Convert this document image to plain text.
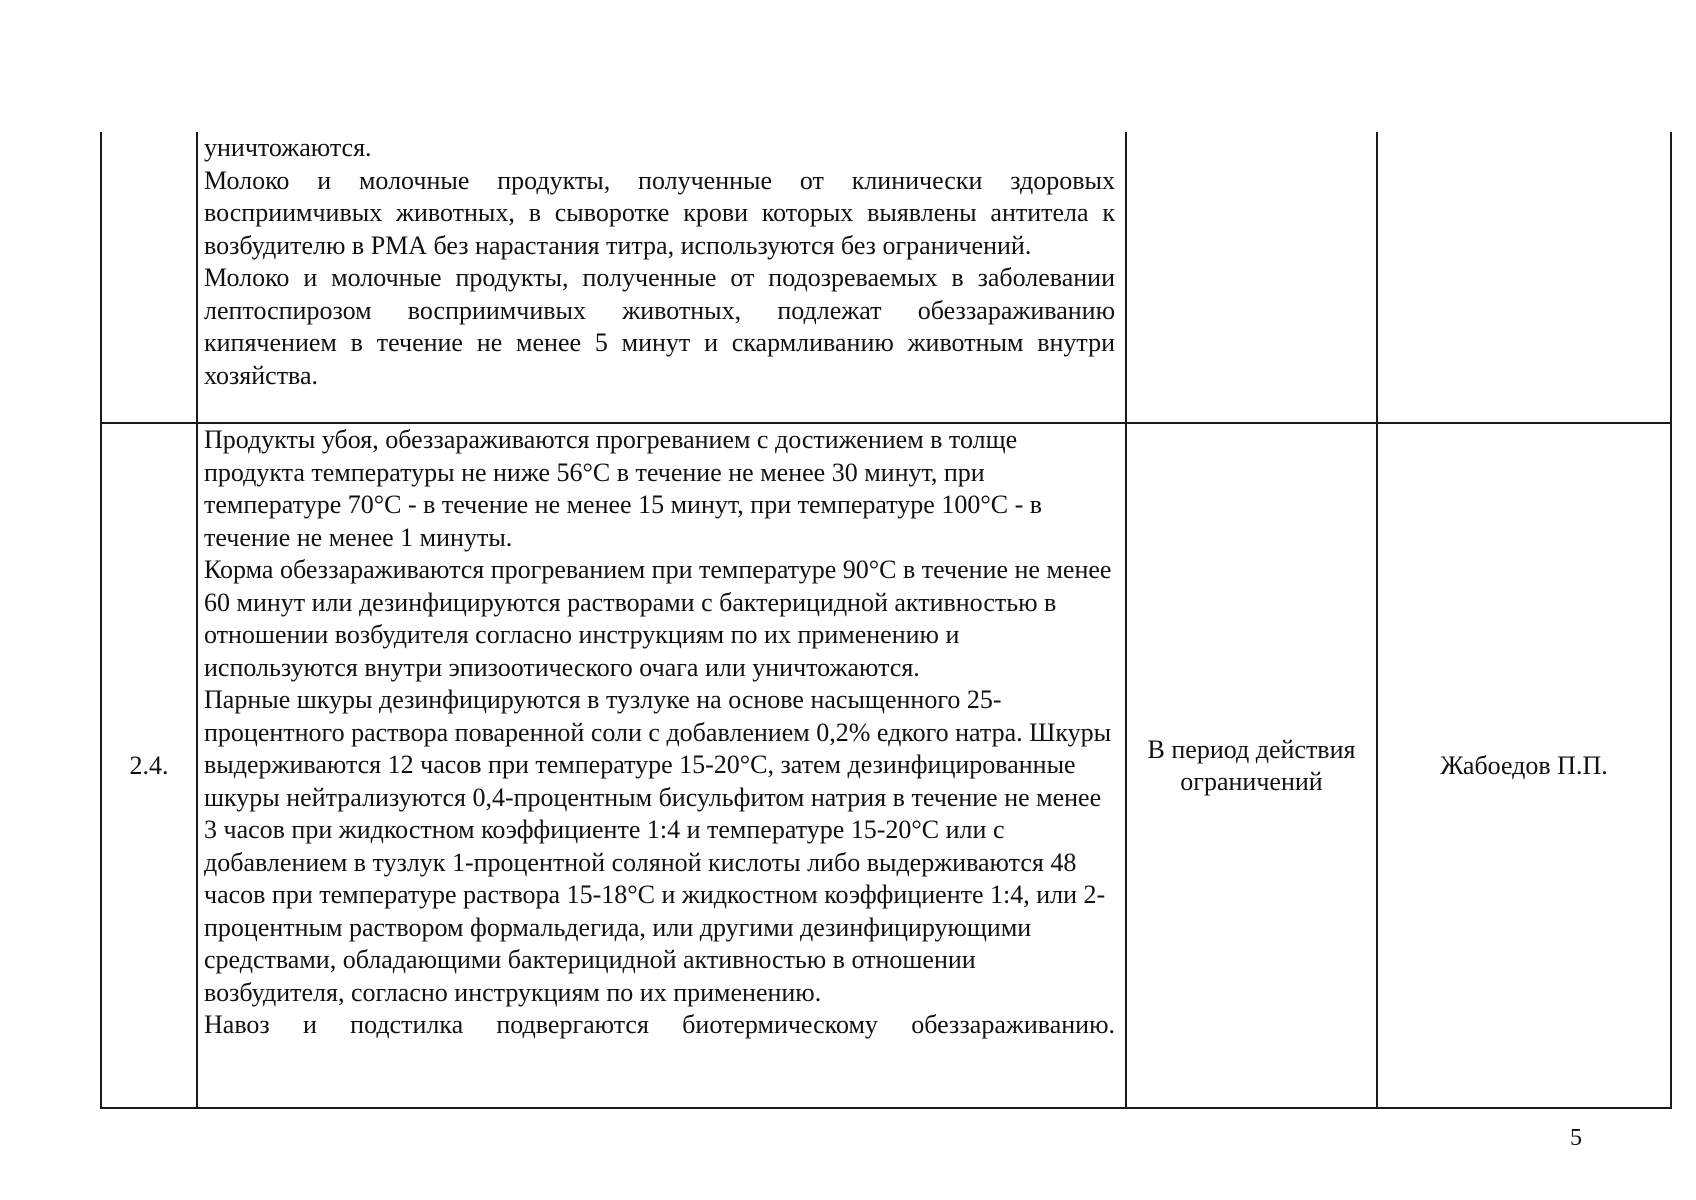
	уничтожаются.

Молоко и молочные продукты, полученные от клинически здоровых восприимчивых животных, в сыворотке крови которых выявлены антитела к возбудителю в РМА без нарастания титра, используются без ограничений.

Молоко и молочные продукты, полученные от подозреваемых в заболевании лептоспирозом восприимчивых животных, подлежат обеззараживанию кипячением в течение не менее 5 минут и скармливанию животным внутри хозяйства.		

2.4.	Продукты убоя, обеззараживаются прогреванием с достижением в толще продукта температуры не ниже 56°С в течение не менее 30 минут, при температуре 70°С - в течение не менее 15 минут, при температуре 100°С - в течение не менее 1 минуты.

Корма обеззараживаются прогреванием при температуре 90°С в течение не менее 60 минут или дезинфицируются растворами с бактерицидной активностью в отношении возбудителя согласно инструкциям по их применению и используются внутри эпизоотического очага или уничтожаются.

Парные шкуры дезинфицируются в тузлуке на основе насыщенного 25-процентного раствора поваренной соли с добавлением 0,2% едкого натра. Шкуры выдерживаются 12 часов при температуре 15-20°С, затем дезинфицированные шкуры нейтрализуются 0,4-процентным бисульфитом натрия в течение не менее 3 часов при жидкостном коэффициенте 1:4 и температуре 15-20°С или с добавлением в тузлук 1-процентной соляной кислоты либо выдерживаются 48 часов при температуре раствора 15-18°С и жидкостном коэффициенте 1:4, или 2-процентным раствором формальдегида, или другими дезинфицирующими средствами, обладающими бактерицидной активностью в отношении возбудителя, согласно инструкциям по их применению.

Навоз и подстилка подвергаются биотермическому обеззараживанию.	В период действия ограничений	Жабоедов П.П.
5
